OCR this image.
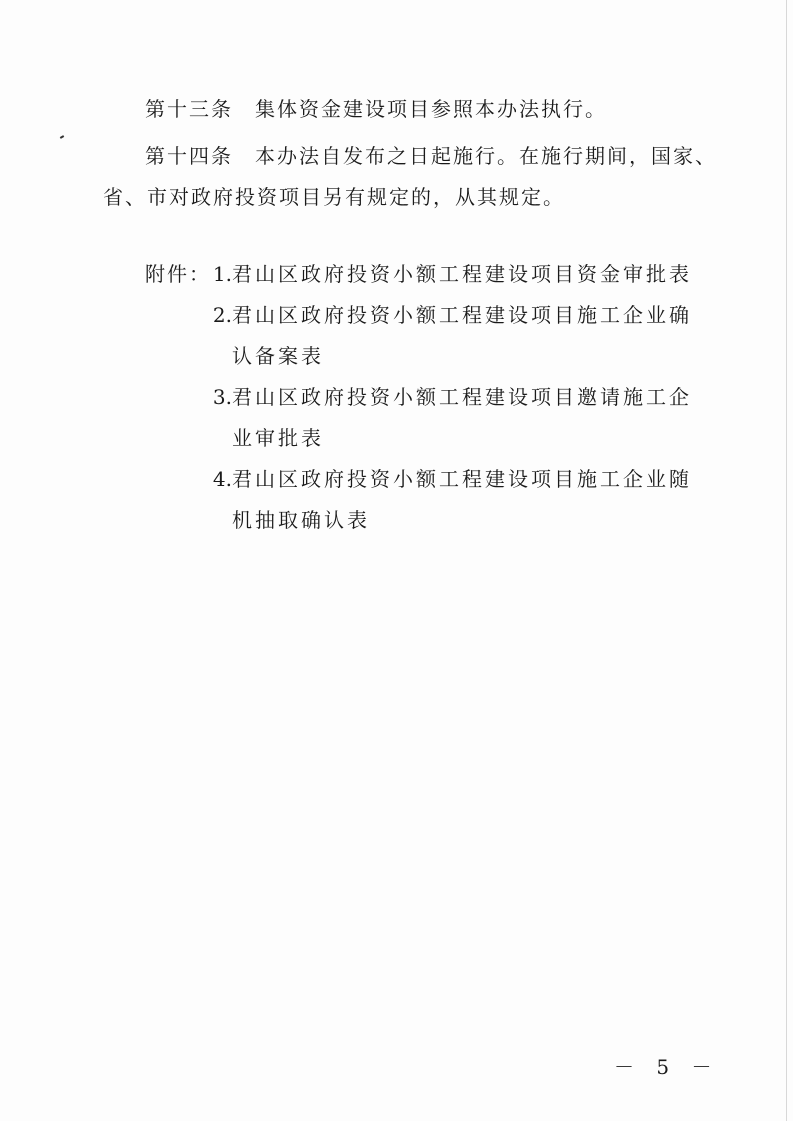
第十三条 集体资金建设项目参照本办法执行。
第十四条 本办法自发布之日起施行。在施行期间，国家、
省、市对政府投资项目另有规定的，从其规定。
附件： 1.君山区政府投资小额工程建设项目资金审批表
2.君山区政府投资小额工程建设项目施工企业确
认备案表
3.君山区政府投资小额工程建设项目邀请施工企
业审批表
4.君山区政府投资小额工程建设项目施工企业随
机抽取确认表
－ 5 －
